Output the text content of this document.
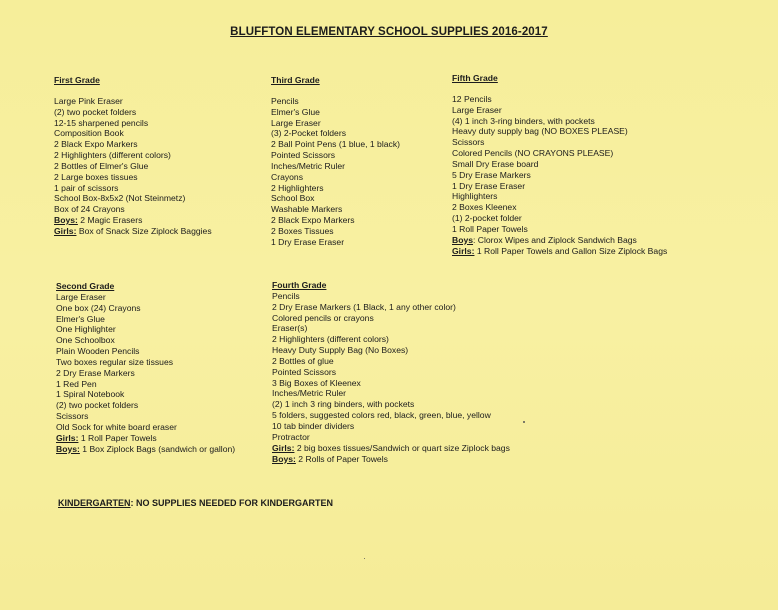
BLUFFTON ELEMENTARY SCHOOL SUPPLIES 2016-2017
First Grade
Large Pink Eraser
(2) two pocket folders
12-15 sharpened pencils
Composition Book
2 Black Expo Markers
2 Highlighters (different colors)
2 Bottles of Elmer's Glue
2 Large boxes tissues
1 pair of scissors
School Box-8x5x2 (Not Steinmetz)
Box of 24 Crayons
Boys: 2 Magic Erasers
Girls: Box of Snack Size Ziplock Baggies
Third Grade
Pencils
Elmer's Glue
Large Eraser
(3) 2-Pocket folders
2 Ball Point Pens (1 blue, 1 black)
Pointed Scissors
Inches/Metric Ruler
Crayons
2 Highlighters
School Box
Washable Markers
2 Black Expo Markers
2 Boxes Tissues
1 Dry Erase Eraser
Fifth Grade
12 Pencils
Large Eraser
(4) 1 inch 3-ring binders, with pockets
Heavy duty supply bag (NO BOXES PLEASE)
Scissors
Colored Pencils (NO CRAYONS PLEASE)
Small Dry Erase board
5 Dry Erase Markers
1 Dry Erase Eraser
Highlighters
2 Boxes Kleenex
(1) 2-pocket folder
1 Roll Paper Towels
Boys: Clorox Wipes and Ziplock Sandwich Bags
Girls: 1 Roll Paper Towels and Gallon Size Ziplock Bags
Second Grade
Large Eraser
One box (24) Crayons
Elmer's Glue
One Highlighter
One Schoolbox
Plain Wooden Pencils
Two boxes regular size tissues
2 Dry Erase Markers
1 Red Pen
1 Spiral Notebook
(2) two pocket folders
Scissors
Old Sock for white board eraser
Girls: 1 Roll Paper Towels
Boys: 1 Box Ziplock Bags (sandwich or gallon)
Fourth Grade
Pencils
2 Dry Erase Markers (1 Black, 1 any other color)
Colored pencils or crayons
Eraser(s)
2 Highlighters (different colors)
Heavy Duty Supply Bag (No Boxes)
2 Bottles of glue
Pointed Scissors
3 Big Boxes of Kleenex
Inches/Metric Ruler
(2) 1 inch 3 ring binders, with pockets
5 folders, suggested colors red, black, green, blue, yellow
10 tab binder dividers
Protractor
Girls: 2 big boxes tissues/Sandwich or quart size Ziplock bags
Boys: 2 Rolls of Paper Towels
KINDERGARTEN: NO SUPPLIES NEEDED FOR KINDERGARTEN
